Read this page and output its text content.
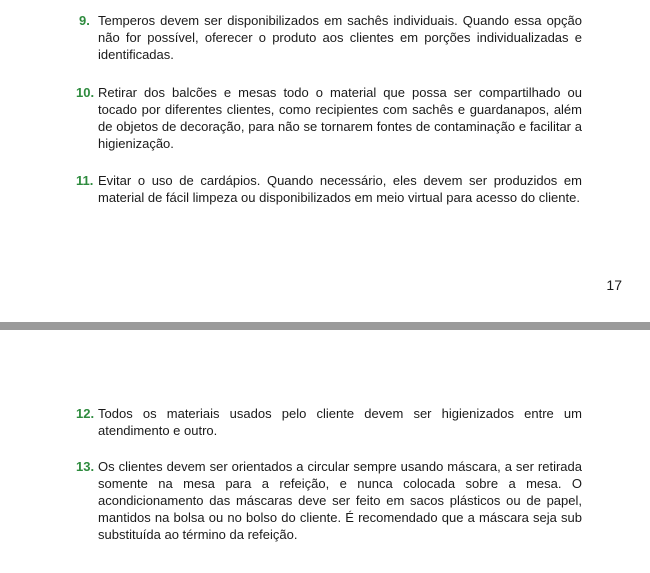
9. Temperos devem ser disponibilizados em sachês individuais. Quando essa opção não for possível, oferecer o produto aos clientes em porções individualizadas e identificadas.
10. Retirar dos balcões e mesas todo o material que possa ser compartilhado ou tocado por diferentes clientes, como recipientes com sachês e guardanapos, além de objetos de decoração, para não se tornarem fontes de contaminação e facilitar a higienização.
11. Evitar o uso de cardápios. Quando necessário, eles devem ser produzidos em material de fácil limpeza ou disponibilizados em meio virtual para acesso do cliente.
17
12. Todos os materiais usados pelo cliente devem ser higienizados entre um atendimento e outro.
13. Os clientes devem ser orientados a circular sempre usando máscara, a ser retirada somente na mesa para a refeição, e nunca colocada sobre a mesa. O acondicionamento das máscaras deve ser feito em sacos plásticos ou de papel, mantidos na bolsa ou no bolso do cliente. É recomendado que a máscara seja sub substituída ao término da refeição.
